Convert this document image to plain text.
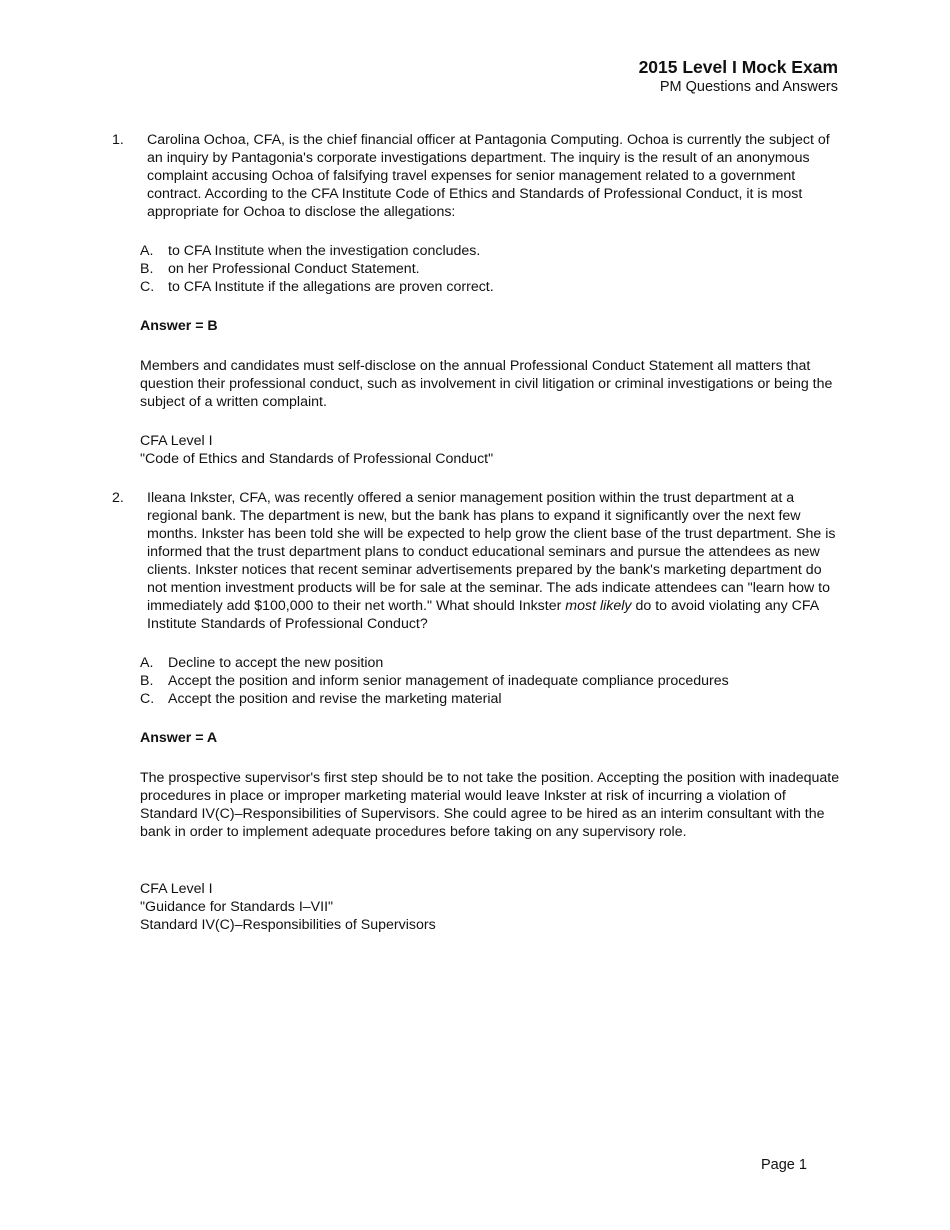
2015 Level I Mock Exam
PM Questions and Answers
1. Carolina Ochoa, CFA, is the chief financial officer at Pantagonia Computing. Ochoa is currently the subject of an inquiry by Pantagonia's corporate investigations department. The inquiry is the result of an anonymous complaint accusing Ochoa of falsifying travel expenses for senior management related to a government contract. According to the CFA Institute Code of Ethics and Standards of Professional Conduct, it is most appropriate for Ochoa to disclose the allegations:
A. to CFA Institute when the investigation concludes.
B. on her Professional Conduct Statement.
C. to CFA Institute if the allegations are proven correct.
Answer = B
Members and candidates must self-disclose on the annual Professional Conduct Statement all matters that question their professional conduct, such as involvement in civil litigation or criminal investigations or being the subject of a written complaint.
CFA Level I
"Code of Ethics and Standards of Professional Conduct"
2. Ileana Inkster, CFA, was recently offered a senior management position within the trust department at a regional bank. The department is new, but the bank has plans to expand it significantly over the next few months. Inkster has been told she will be expected to help grow the client base of the trust department. She is informed that the trust department plans to conduct educational seminars and pursue the attendees as new clients. Inkster notices that recent seminar advertisements prepared by the bank's marketing department do not mention investment products will be for sale at the seminar. The ads indicate attendees can "learn how to immediately add $100,000 to their net worth." What should Inkster most likely do to avoid violating any CFA Institute Standards of Professional Conduct?
A. Decline to accept the new position
B. Accept the position and inform senior management of inadequate compliance procedures
C. Accept the position and revise the marketing material
Answer = A
The prospective supervisor's first step should be to not take the position. Accepting the position with inadequate procedures in place or improper marketing material would leave Inkster at risk of incurring a violation of Standard IV(C)–Responsibilities of Supervisors. She could agree to be hired as an interim consultant with the bank in order to implement adequate procedures before taking on any supervisory role.
CFA Level I
"Guidance for Standards I–VII"
Standard IV(C)–Responsibilities of Supervisors
Page 1
